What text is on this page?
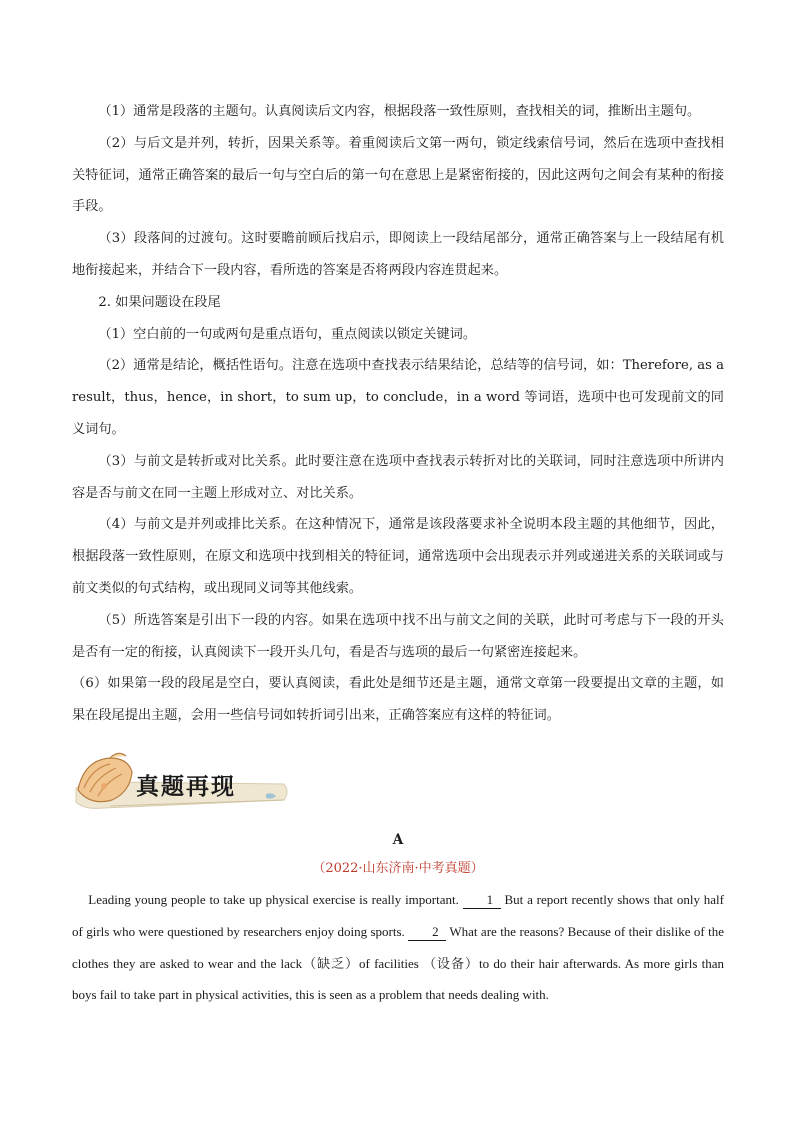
（1）通常是段落的主题句。认真阅读后文内容，根据段落一致性原则，查找相关的词，推断出主题句。

（2）与后文是并列，转折，因果关系等。着重阅读后文第一两句，锁定线索信号词，然后在选项中查找相关特征词，通常正确答案的最后一句与空白后的第一句在意思上是紧密衔接的，因此这两句之间会有某种的衔接手段。

（3）段落间的过渡句。这时要瞻前顾后找启示，即阅读上一段结尾部分，通常正确答案与上一段结尾有机地衔接起来，并结合下一段内容，看所选的答案是否将两段内容连贯起来。

2. 如果问题设在段尾

（1）空白前的一句或两句是重点语句，重点阅读以锁定关键词。

（2）通常是结论，概括性语句。注意在选项中查找表示结果结论，总结等的信号词，如：Therefore, as a result，thus，hence，in short，to sum up，to conclude，in a word 等词语，选项中也可发现前文的同义词句。

（3）与前文是转折或对比关系。此时要注意在选项中查找表示转折对比的关联词，同时注意选项中所讲内容是否与前文在同一主题上形成对立、对比关系。

（4）与前文是并列或排比关系。在这种情况下，通常是该段落要求补全说明本段主题的其他细节，因此，根据段落一致性原则，在原文和选项中找到相关的特征词，通常选项中会出现表示并列或递进关系的关联词或与前文类似的句式结构，或出现同义词等其他线索。

（5）所选答案是引出下一段的内容。如果在选项中找不出与前文之间的关联，此时可考虑与下一段的开头是否有一定的衔接，认真阅读下一段开头几句，看是否与选项的最后一句紧密连接起来。

（6）如果第一段的段尾是空白，要认真阅读，看此处是细节还是主题，通常文章第一段要提出文章的主题，如果在段尾提出主题，会用一些信号词如转折词引出来，正确答案应有这样的特征词。

真题再现
A
（2022·山东济南·中考真题）

Leading young people to take up physical exercise is really important. 1 But a report recently shows that only half of girls who were questioned by researchers enjoy doing sports. 2 What are the reasons? Because of their dislike of the clothes they are asked to wear and the lack（缺乏）of facilities （设备）to do their hair afterwards. As more girls than boys fail to take part in physical activities, this is seen as a problem that needs dealing with.
